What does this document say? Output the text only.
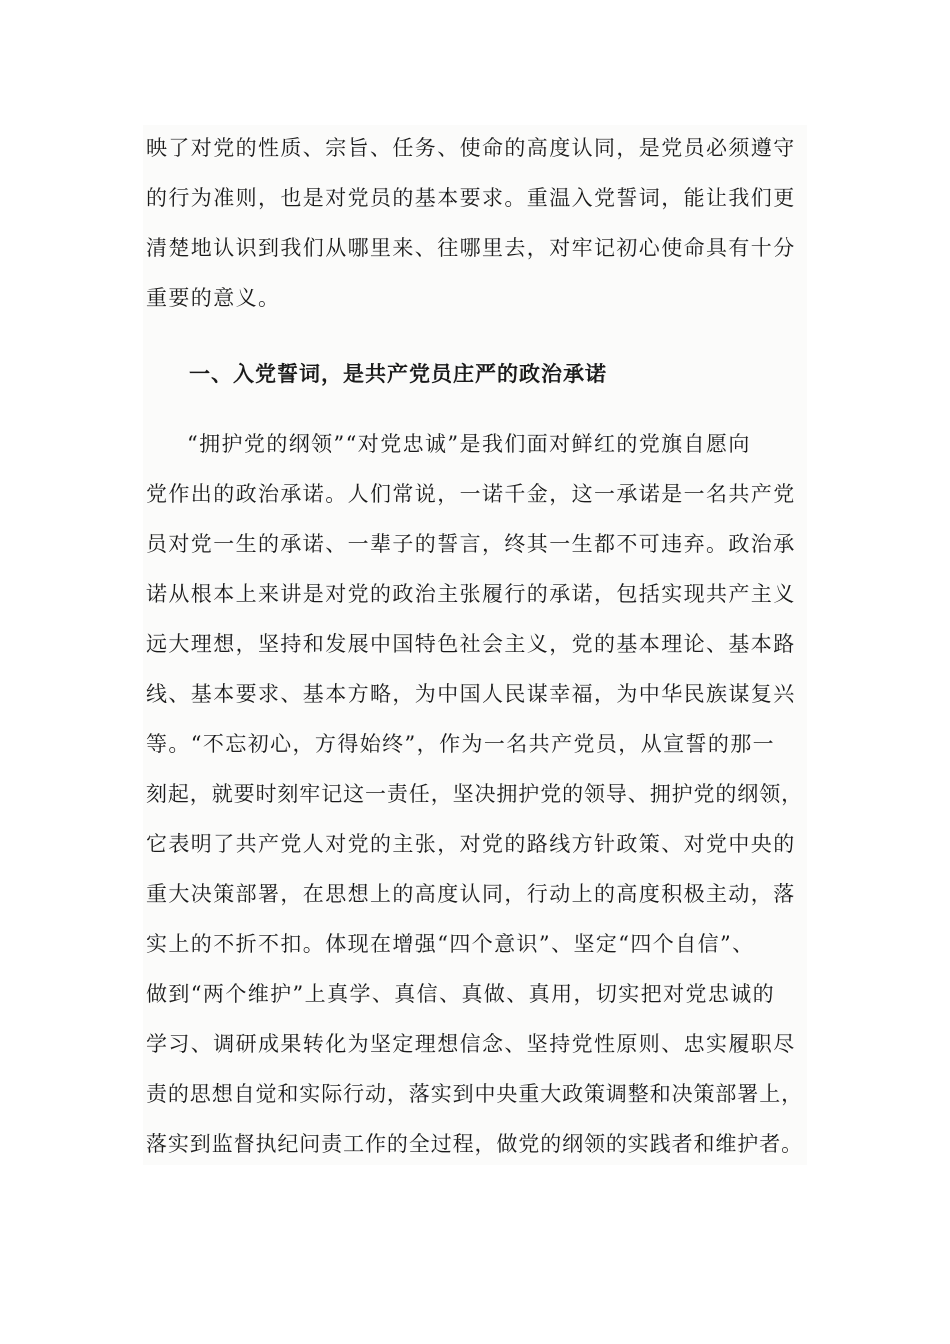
映了对党的性质、宗旨、任务、使命的高度认同，是党员必须遵守
的行为准则，也是对党员的基本要求。重温入党誓词，能让我们更
清楚地认识到我们从哪里来、往哪里去，对牢记初心使命具有十分
重要的意义。
一、入党誓词，是共产党员庄严的政治承诺
“拥护党的纲领”“对党忠诚”是我们面对鲜红的党旗自愿向
党作出的政治承诺。人们常说，一诺千金，这一承诺是一名共产党
员对党一生的承诺、一辈子的誓言，终其一生都不可违弃。政治承
诺从根本上来讲是对党的政治主张履行的承诺，包括实现共产主义
远大理想，坚持和发展中国特色社会主义，党的基本理论、基本路
线、基本要求、基本方略，为中国人民谋幸福，为中华民族谋复兴
等。“不忘初心，方得始终”，作为一名共产党员，从宣誓的那一
刻起，就要时刻牢记这一责任，坚决拥护党的领导、拥护党的纲领，
它表明了共产党人对党的主张，对党的路线方针政策、对党中央的
重大决策部署，在思想上的高度认同，行动上的高度积极主动，落
实上的不折不扣。体现在增强“四个意识”、坚定“四个自信”、
做到“两个维护”上真学、真信、真做、真用，切实把对党忠诚的
学习、调研成果转化为坚定理想信念、坚持党性原则、忠实履职尽
责的思想自觉和实际行动，落实到中央重大政策调整和决策部署上，
落实到监督执纪问责工作的全过程，做党的纲领的实践者和维护者。
